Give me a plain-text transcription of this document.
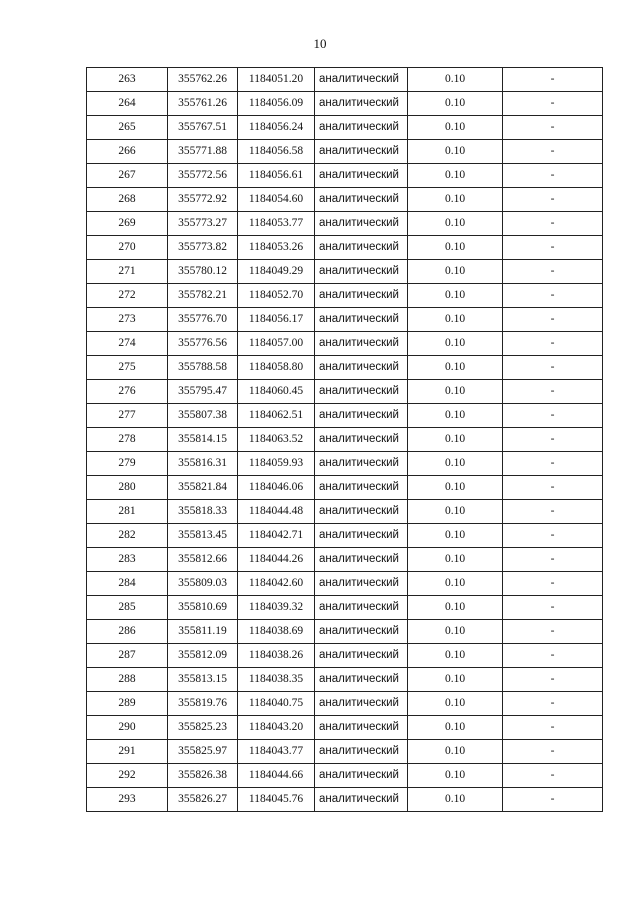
10
263	355762.26	1184051.20	аналитический	0.10	-
264	355761.26	1184056.09	аналитический	0.10	-
265	355767.51	1184056.24	аналитический	0.10	-
266	355771.88	1184056.58	аналитический	0.10	-
267	355772.56	1184056.61	аналитический	0.10	-
268	355772.92	1184054.60	аналитический	0.10	-
269	355773.27	1184053.77	аналитический	0.10	-
270	355773.82	1184053.26	аналитический	0.10	-
271	355780.12	1184049.29	аналитический	0.10	-
272	355782.21	1184052.70	аналитический	0.10	-
273	355776.70	1184056.17	аналитический	0.10	-
274	355776.56	1184057.00	аналитический	0.10	-
275	355788.58	1184058.80	аналитический	0.10	-
276	355795.47	1184060.45	аналитический	0.10	-
277	355807.38	1184062.51	аналитический	0.10	-
278	355814.15	1184063.52	аналитический	0.10	-
279	355816.31	1184059.93	аналитический	0.10	-
280	355821.84	1184046.06	аналитический	0.10	-
281	355818.33	1184044.48	аналитический	0.10	-
282	355813.45	1184042.71	аналитический	0.10	-
283	355812.66	1184044.26	аналитический	0.10	-
284	355809.03	1184042.60	аналитический	0.10	-
285	355810.69	1184039.32	аналитический	0.10	-
286	355811.19	1184038.69	аналитический	0.10	-
287	355812.09	1184038.26	аналитический	0.10	-
288	355813.15	1184038.35	аналитический	0.10	-
289	355819.76	1184040.75	аналитический	0.10	-
290	355825.23	1184043.20	аналитический	0.10	-
291	355825.97	1184043.77	аналитический	0.10	-
292	355826.38	1184044.66	аналитический	0.10	-
293	355826.27	1184045.76	аналитический	0.10	-
